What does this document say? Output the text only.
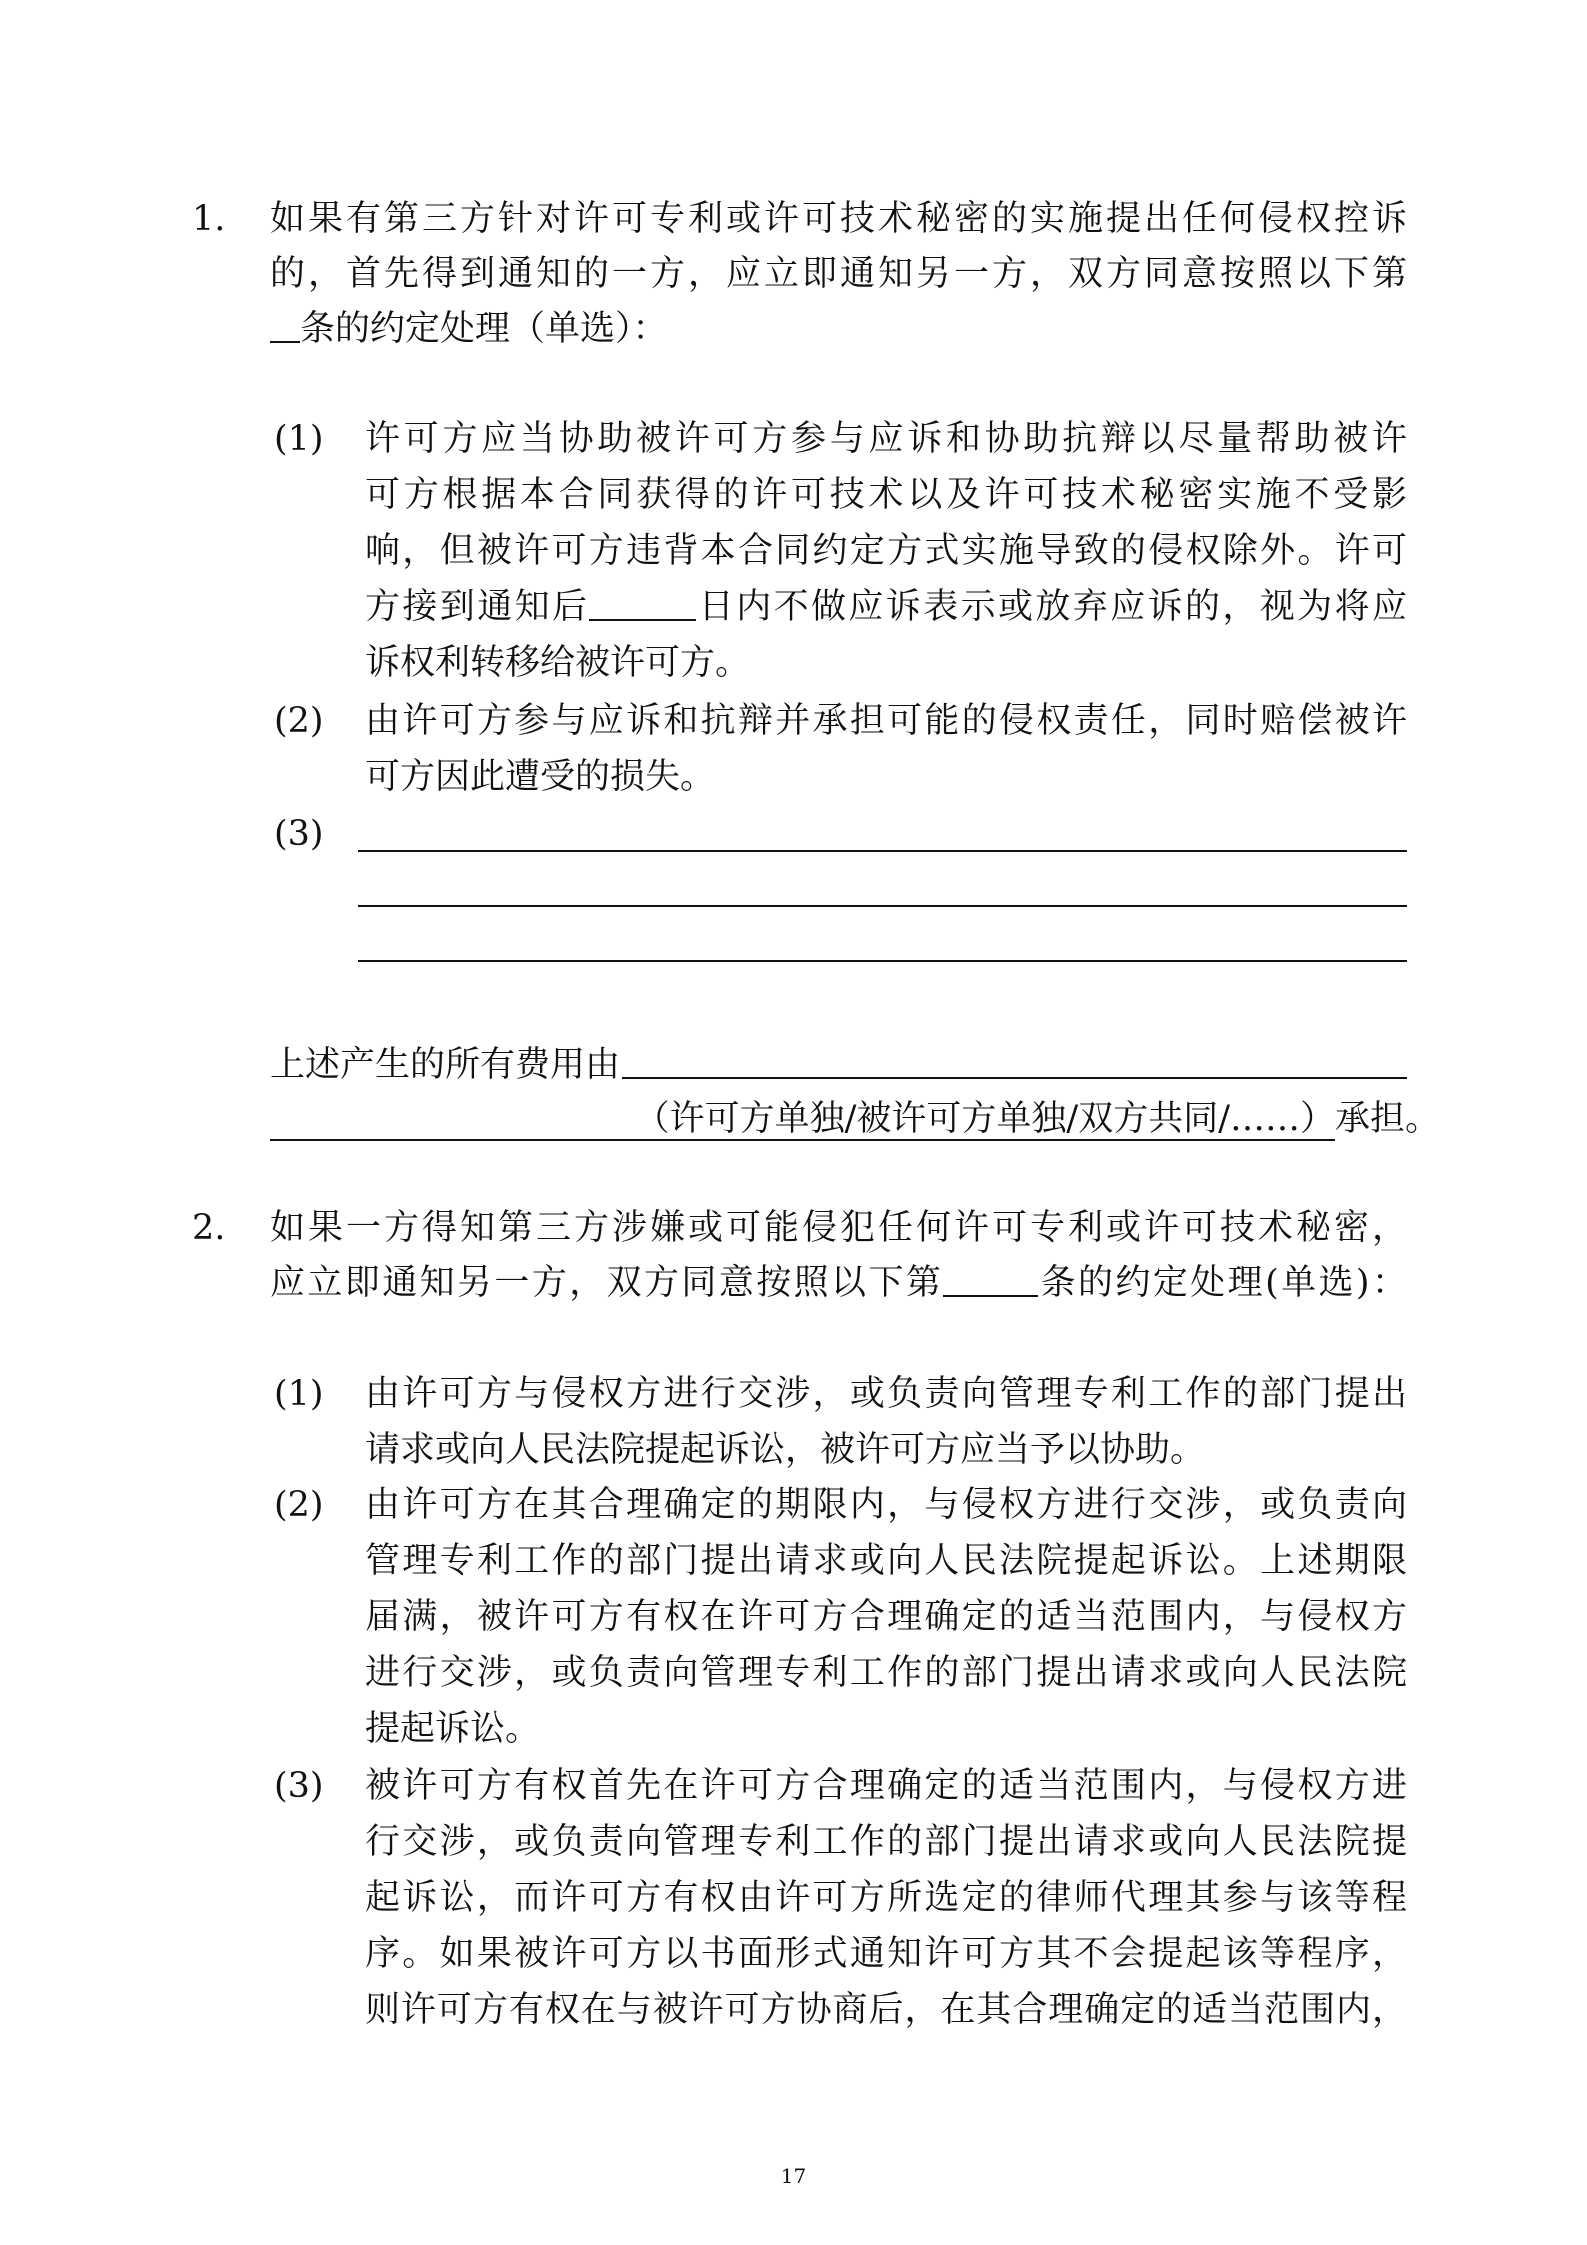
1. 如果有第三方针对许可专利或许可技术秘密的实施提出任何侵权控诉
的，首先得到通知的一方，应立即通知另一方，双方同意按照以下第
条的约定处理（单选）：
(1) 许可方应当协助被许可方参与应诉和协助抗辩以尽量帮助被许
可方根据本合同获得的许可技术以及许可技术秘密实施不受影
响，但被许可方违背本合同约定方式实施导致的侵权除外。许可
方接到通知后	日内不做应诉表示或放弃应诉的，视为将应
诉权利转移给被许可方。
(2) 由许可方参与应诉和抗辩并承担可能的侵权责任，同时赔偿被许
可方因此遭受的损失。
(3)
上述产生的所有费用由
（许可方单独/被许可方单独/双方共同/……）承担。
2. 如果一方得知第三方涉嫌或可能侵犯任何许可专利或许可技术秘密，
应立即通知另一方，双方同意按照以下第	条的约定处理(单选)：
(1) 由许可方与侵权方进行交涉，或负责向管理专利工作的部门提出
请求或向人民法院提起诉讼，被许可方应当予以协助。
(2) 由许可方在其合理确定的期限内，与侵权方进行交涉，或负责向
管理专利工作的部门提出请求或向人民法院提起诉讼。上述期限
届满，被许可方有权在许可方合理确定的适当范围内，与侵权方
进行交涉，或负责向管理专利工作的部门提出请求或向人民法院
提起诉讼。
(3) 被许可方有权首先在许可方合理确定的适当范围内，与侵权方进
行交涉，或负责向管理专利工作的部门提出请求或向人民法院提
起诉讼，而许可方有权由许可方所选定的律师代理其参与该等程
序。如果被许可方以书面形式通知许可方其不会提起该等程序，
则许可方有权在与被许可方协商后，在其合理确定的适当范围内，
17
